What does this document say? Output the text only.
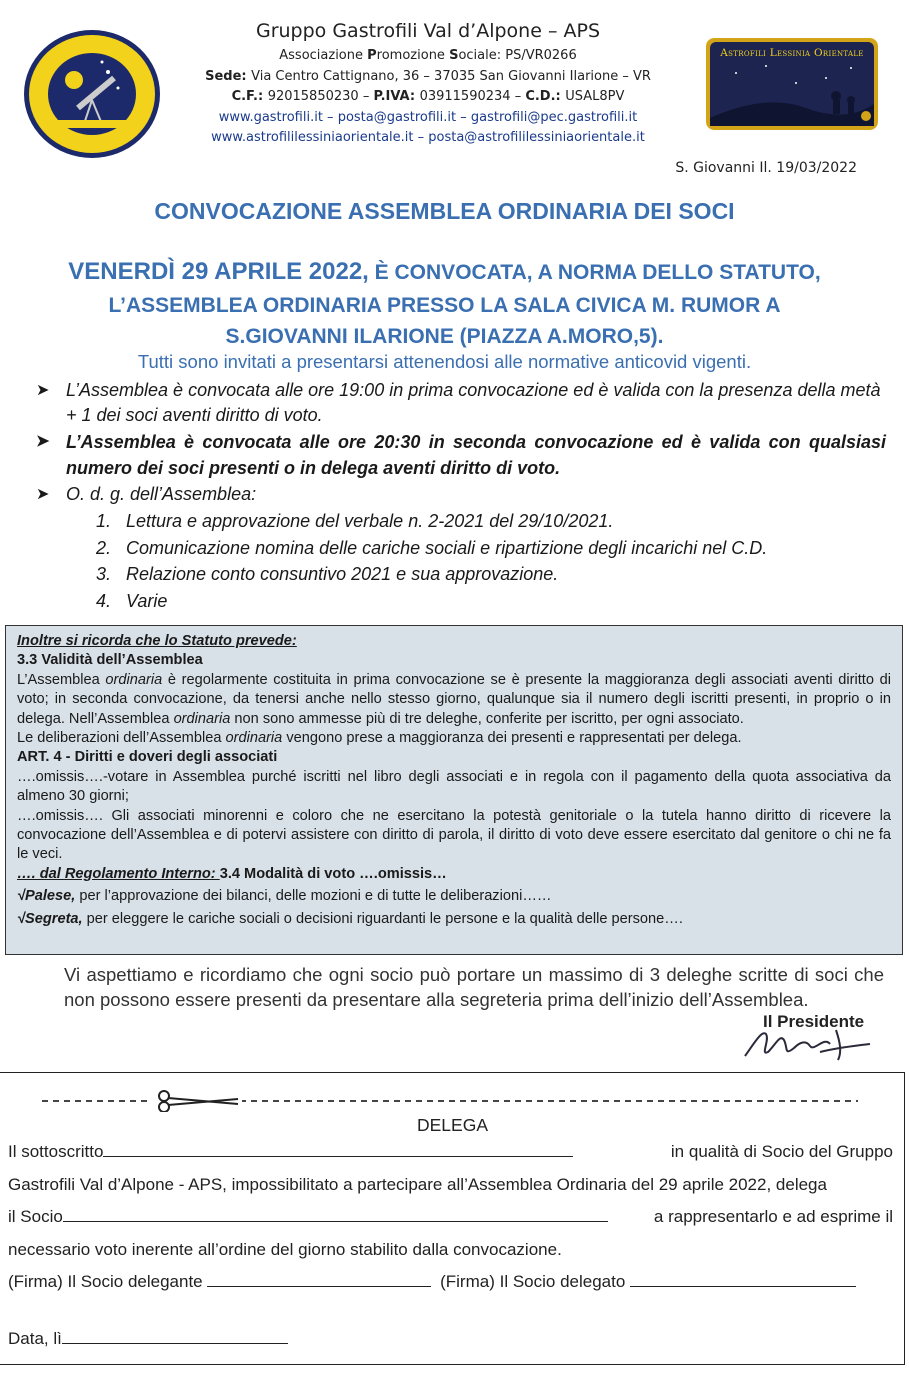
Astrofili Lessinia Orientale
Gruppo Gastrofili Val d’Alpone – APS
Associazione Promozione Sociale: PS/VR0266
Sede: Via Centro Cattignano, 36 – 37035 San Giovanni Ilarione – VR
C.F.: 92015850230 – P.IVA: 03911590234 – C.D.: USAL8PV
www.gastrofili.it – posta@gastrofili.it – gastrofili@pec.gastrofili.it
www.astrofililessiniaorientale.it – posta@astrofililessiniaorientale.it
S. Giovanni Il. 19/03/2022
CONVOCAZIONE ASSEMBLEA ORDINARIA DEI SOCI
VENERDÌ 29 APRILE 2022, È CONVOCATA, A NORMA DELLO STATUTO,
L’ASSEMBLEA ORDINARIA PRESSO LA SALA CIVICA M. RUMOR A
S.GIOVANNI ILARIONE (PIAZZA A.MORO,5).
Tutti sono invitati a presentarsi attenendosi alle normative anticovid vigenti.
➤ L’Assemblea è convocata alle ore 19:00 in prima convocazione ed è valida con la presenza della metà + 1 dei soci aventi diritto di voto.
➤ L’Assemblea è convocata alle ore 20:30 in seconda convocazione ed è valida con qualsiasi numero dei soci presenti o in delega aventi diritto di voto.
➤ O. d. g. dell’Assemblea:
1. Lettura e approvazione del verbale n. 2-2021 del 29/10/2021.
2. Comunicazione nomina delle cariche sociali e ripartizione degli incarichi nel C.D.
3. Relazione conto consuntivo 2021 e sua approvazione.
4. Varie

Inoltre si ricorda che lo Statuto prevede:

3.3 Validità dell’Assemblea

L’Assemblea ordinaria è regolarmente costituita in prima convocazione se è presente la maggioranza degli associati aventi diritto di voto; in seconda convocazione, da tenersi anche nello stesso giorno, qualunque sia il numero degli iscritti presenti, in proprio o in delega. Nell’Assemblea ordinaria non sono ammesse più di tre deleghe, conferite per iscritto, per ogni associato.

Le deliberazioni dell’Assemblea ordinaria vengono prese a maggioranza dei presenti e rappresentati per delega.

ART. 4 - Diritti e doveri degli associati

….omissis….-votare in Assemblea purché iscritti nel libro degli associati e in regola con il pagamento della quota associativa da almeno 30 giorni;

….omissis…. Gli associati minorenni e coloro che ne esercitano la potestà genitoriale o la tutela hanno diritto di ricevere la convocazione dell’Assemblea e di potervi assistere con diritto di parola, il diritto di voto deve essere esercitato dal genitore o chi ne fa le veci.

…. dal Regolamento Interno: 3.4 Modalità di voto ….omissis…

√Palese, per l’approvazione dei bilanci, delle mozioni e di tutte le deliberazioni……

√Segreta, per eleggere le cariche sociali o decisioni riguardanti le persone e la qualità delle persone….

Vi aspettiamo e ricordiamo che ogni socio può portare un massimo di 3 deleghe scritte di soci che non possono essere presenti da presentare alla segreteria prima dell’inizio dell’Assemblea.
Il Presidente
DELEGA
Il sottoscritto	in qualità di Socio del Gruppo
Gastrofili Val d’Alpone - APS, impossibilitato a partecipare all’Assemblea Ordinaria del 29 aprile 2022, delega
il Socio	a rappresentarlo e ad esprime il
necessario voto inerente all’ordine del giorno stabilito dalla convocazione.
(Firma) Il Socio delegante	(Firma) Il Socio delegato
Data, lì
